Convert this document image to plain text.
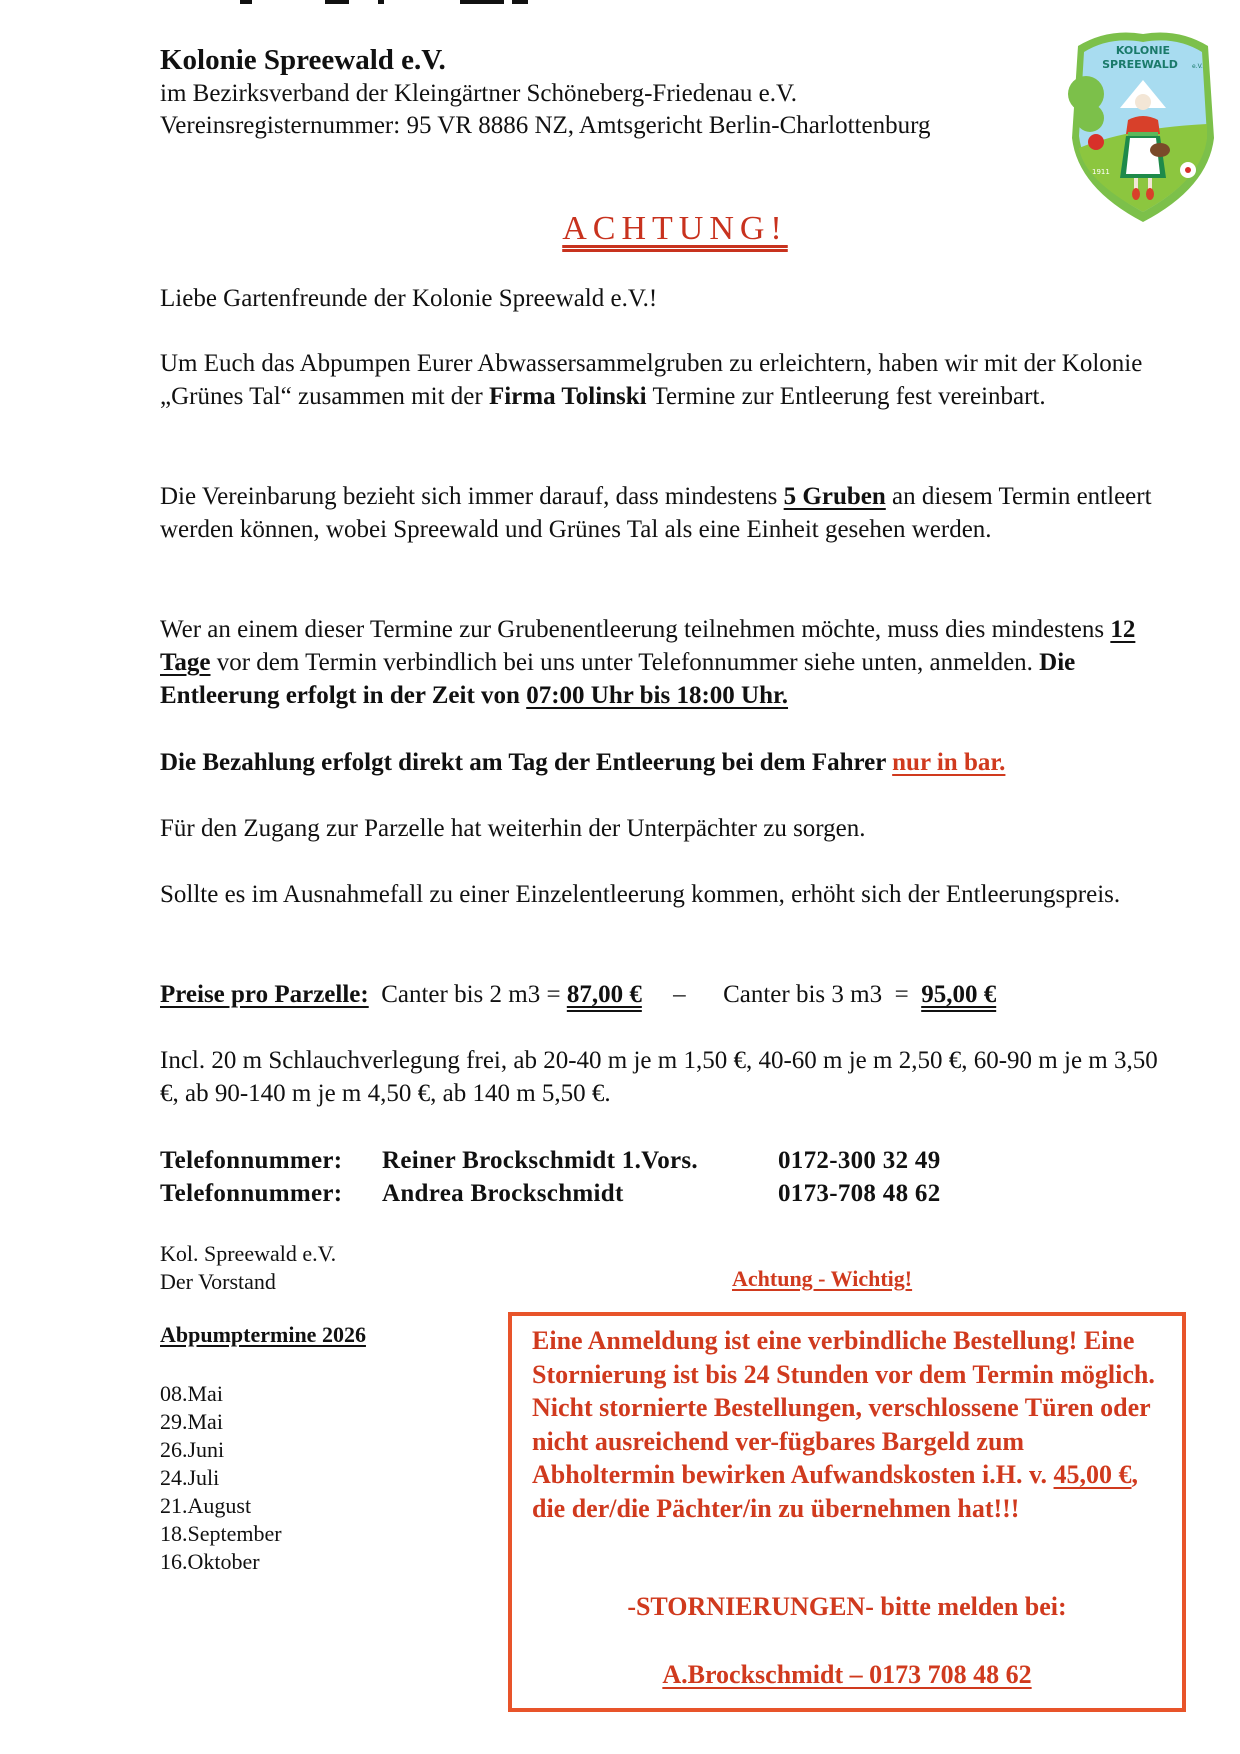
Kolonie Spreewald e.V.
im Bezirksverband der Kleingärtner Schöneberg-Friedenau e.V.
Vereinsregisternummer: 95 VR 8886 NZ, Amtsgericht Berlin-Charlottenburg
KOLONIE
SPREEWALD e.V.
1911
ACHTUNG!
Liebe Gartenfreunde der Kolonie Spreewald e.V.!
Um Euch das Abpumpen Eurer Abwassersammelgruben zu erleichtern, haben wir mit der Kolonie „Grünes Tal“ zusammen mit der Firma Tolinski Termine zur Entleerung fest vereinbart.
Die Vereinbarung bezieht sich immer darauf, dass mindestens 5 Gruben an diesem Termin entleert werden können, wobei Spreewald und Grünes Tal als eine Einheit gesehen werden.
Wer an einem dieser Termine zur Grubenentleerung teilnehmen möchte, muss dies mindestens 12 Tage vor dem Termin verbindlich bei uns unter Telefonnummer siehe unten, anmelden. Die Entleerung erfolgt in der Zeit von 07:00 Uhr bis 18:00 Uhr.
Die Bezahlung erfolgt direkt am Tag der Entleerung bei dem Fahrer nur in bar.
Für den Zugang zur Parzelle hat weiterhin der Unterpächter zu sorgen.
Sollte es im Ausnahmefall zu einer Einzelentleerung kommen, erhöht sich der Entleerungspreis.
Preise pro Parzelle:  Canter bis 2 m3 = 87,00 €     –      Canter bis 3 m3  =  95,00 €
Incl. 20 m Schlauchverlegung frei, ab 20-40 m je m 1,50 €, 40-60 m je m 2,50 €, 60-90 m je m 3,50 €, ab 90-140 m je m 4,50 €, ab 140 m 5,50 €.
Telefonnummer: Reiner Brockschmidt 1.Vors.	0172-300 32 49
Telefonnummer: Andrea Brockschmidt	0173-708 48 62
Kol. Spreewald e.V.
Der Vorstand
Abpumptermine 2026
08.Mai
29.Mai
26.Juni
24.Juli
21.August
18.September
16.Oktober
Achtung - Wichtig!
Eine Anmeldung ist eine verbindliche Bestellung! Eine Stornierung ist bis 24 Stunden vor dem Termin möglich. Nicht stornierte Bestellungen, verschlossene Türen oder nicht ausreichend ver-fügbares Bargeld zum Abholtermin bewirken Aufwandskosten i.H. v. 45,00 €, die der/die Pächter/in zu übernehmen hat!!!
-STORNIERUNGEN- bitte melden bei:
A.Brockschmidt – 0173 708 48 62
